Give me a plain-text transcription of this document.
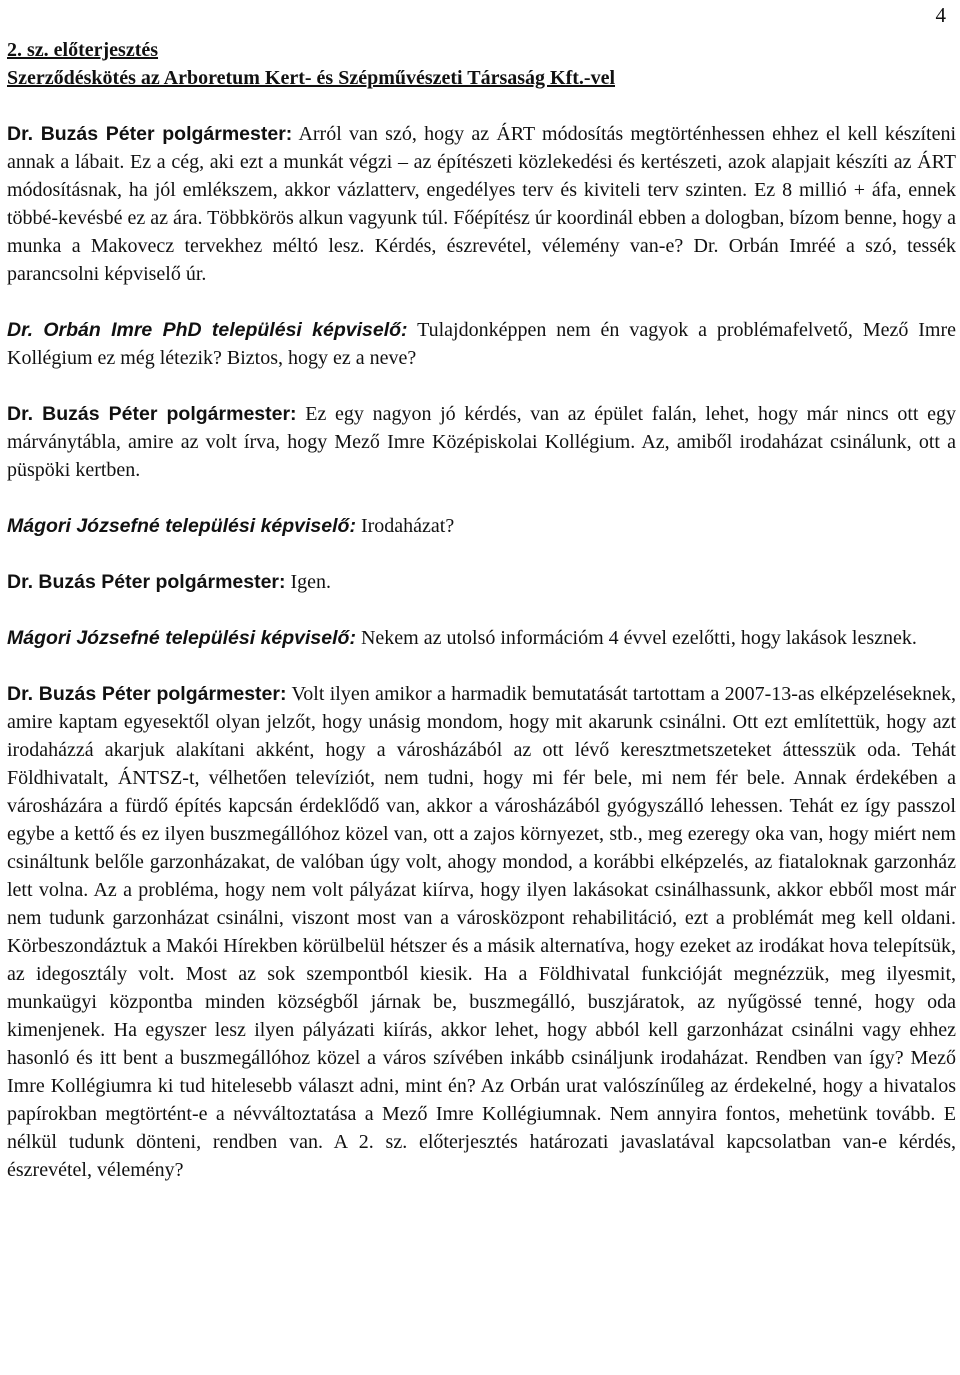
4
2. sz. előterjesztés
Szerződéskötés az Arboretum Kert- és Szépművészeti Társaság Kft.-vel

Dr. Buzás Péter polgármester: Arról van szó, hogy az ÁRT módosítás megtörténhessen ehhez el kell készíteni annak a lábait. Ez a cég, aki ezt a munkát végzi – az építészeti közlekedési és kertészeti, azok alapjait készíti az ÁRT módosításnak, ha jól emlékszem, akkor vázlatterv, engedélyes terv és kiviteli terv szinten. Ez 8 millió + áfa, ennek többé-kevésbé ez az ára. Többkörös alkun vagyunk túl. Főépítész úr koordinál ebben a dologban, bízom benne, hogy a munka a Makovecz tervekhez méltó lesz. Kérdés, észrevétel, vélemény van-e? Dr. Orbán Imréé a szó, tessék parancsolni képviselő úr.

Dr. Orbán Imre PhD települési képviselő: Tulajdonképpen nem én vagyok a problémafelvető, Mező Imre Kollégium ez még létezik? Biztos, hogy ez a neve?

Dr. Buzás Péter polgármester: Ez egy nagyon jó kérdés, van az épület falán, lehet, hogy már nincs ott egy márványtábla, amire az volt írva, hogy Mező Imre Középiskolai Kollégium. Az, amiből irodaházat csinálunk, ott a püspöki kertben.

Mágori Józsefné települési képviselő: Irodaházat?

Dr. Buzás Péter polgármester: Igen.

Mágori Józsefné települési képviselő: Nekem az utolsó információm 4 évvel ezelőtti, hogy lakások lesznek.

Dr. Buzás Péter polgármester: Volt ilyen amikor a harmadik bemutatását tartottam a 2007-13-as elképzeléseknek, amire kaptam egyesektől olyan jelzőt, hogy unásig mondom, hogy mit akarunk csinálni. Ott ezt említettük, hogy azt irodaházzá akarjuk alakítani akként, hogy a városházából az ott lévő keresztmetszeteket áttesszük oda. Tehát Földhivatalt, ÁNTSZ-t, vélhetően televíziót, nem tudni, hogy mi fér bele, mi nem fér bele. Annak érdekében a városházára a fürdő építés kapcsán érdeklődő van, akkor a városházából gyógyszálló lehessen. Tehát ez így passzol egybe a kettő és ez ilyen buszmegállóhoz közel van, ott a zajos környezet, stb., meg ezeregy oka van, hogy miért nem csináltunk belőle garzonházakat, de valóban úgy volt, ahogy mondod, a korábbi elképzelés, az fiataloknak garzonház lett volna. Az a probléma, hogy nem volt pályázat kiírva, hogy ilyen lakásokat csinálhassunk, akkor ebből most már nem tudunk garzonházat csinálni, viszont most van a városközpont rehabilitáció, ezt a problémát meg kell oldani. Körbeszondáztuk a Makói Hírekben körülbelül hétszer és a másik alternatíva, hogy ezeket az irodákat hova telepítsük, az idegosztály volt. Most az sok szempontból kiesik. Ha a Földhivatal funkcióját megnézzük, meg ilyesmit, munkaügyi központba minden községből járnak be, buszmegálló, buszjáratok, az nyűgössé tenné, hogy oda kimenjenek. Ha egyszer lesz ilyen pályázati kiírás, akkor lehet, hogy abból kell garzonházat csinálni vagy ehhez hasonló és itt bent a buszmegállóhoz közel a város szívében inkább csináljunk irodaházat. Rendben van így? Mező Imre Kollégiumra ki tud hitelesebb választ adni, mint én? Az Orbán urat valószínűleg az érdekelné, hogy a hivatalos papírokban megtörtént-e a névváltoztatása a Mező Imre Kollégiumnak. Nem annyira fontos, mehetünk tovább. E nélkül tudunk dönteni, rendben van. A 2. sz. előterjesztés határozati javaslatával kapcsolatban van-e kérdés, észrevétel, vélemény?
